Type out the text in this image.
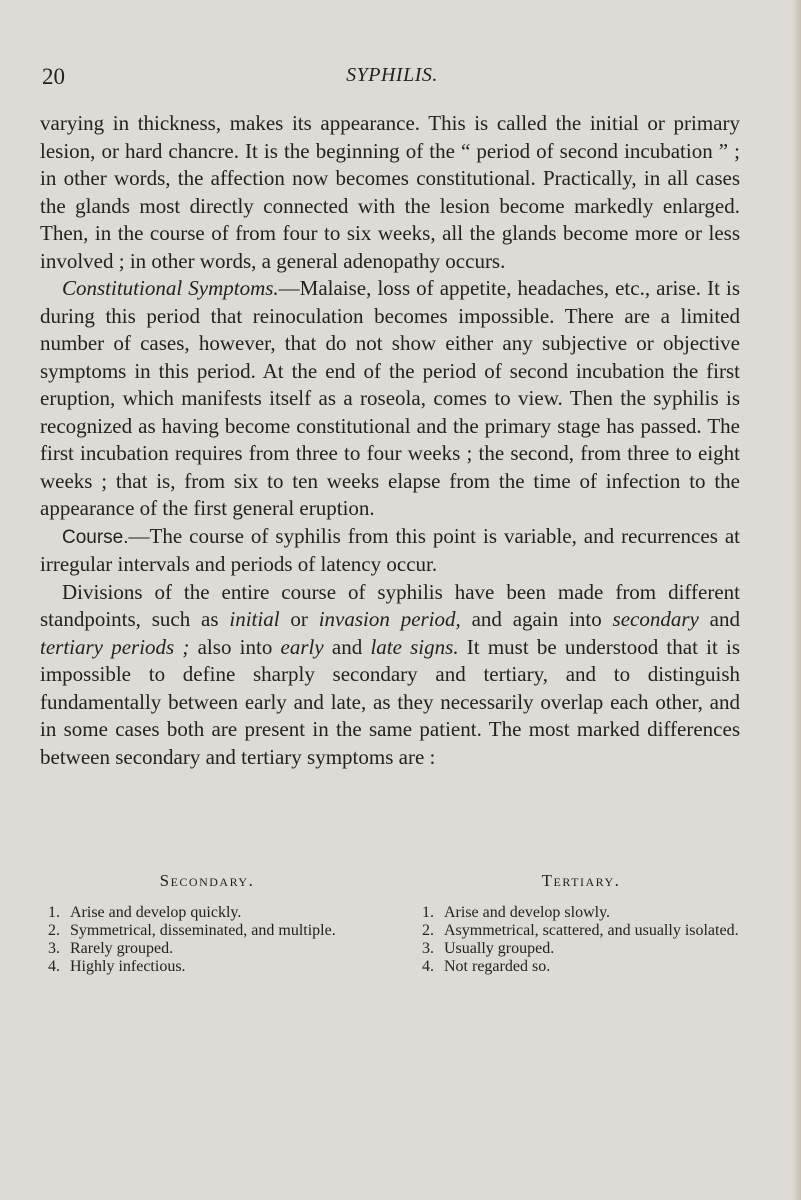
SYPHILIS.
20

varying in thickness, makes its appearance. This is called the initial or primary lesion, or hard chancre. It is the beginning of the “ period of second incubation ” ; in other words, the affection now becomes constitutional. Practically, in all cases the glands most directly connected with the lesion become markedly enlarged. Then, in the course of from four to six weeks, all the glands become more or less involved ; in other words, a general adenopathy occurs.

Constitutional Symptoms.—Malaise, loss of appetite, headaches, etc., arise. It is during this period that reinoculation becomes impossible. There are a limited number of cases, however, that do not show either any subjective or objective symptoms in this period. At the end of the period of second incubation the first eruption, which manifests itself as a roseola, comes to view. Then the syphilis is recognized as having become constitutional and the primary stage has passed. The first incubation requires from three to four weeks ; the second, from three to eight weeks ; that is, from six to ten weeks elapse from the time of infection to the appearance of the first general eruption.

Course.—The course of syphilis from this point is variable, and recurrences at irregular intervals and periods of latency occur.

Divisions of the entire course of syphilis have been made from different standpoints, such as initial or invasion period, and again into secondary and tertiary periods ; also into early and late signs. It must be understood that it is impossible to define sharply secondary and tertiary, and to distinguish fundamentally between early and late, as they necessarily overlap each other, and in some cases both are present in the same patient. The most marked differences between secondary and tertiary symptoms are :

Secondary.
1. Arise and develop quickly.
2. Symmetrical, disseminated, and multiple.
3. Rarely grouped.
4. Highly infectious.
Tertiary.
1. Arise and develop slowly.
2. Asymmetrical, scattered, and usually isolated.
3. Usually grouped.
4. Not regarded so.
